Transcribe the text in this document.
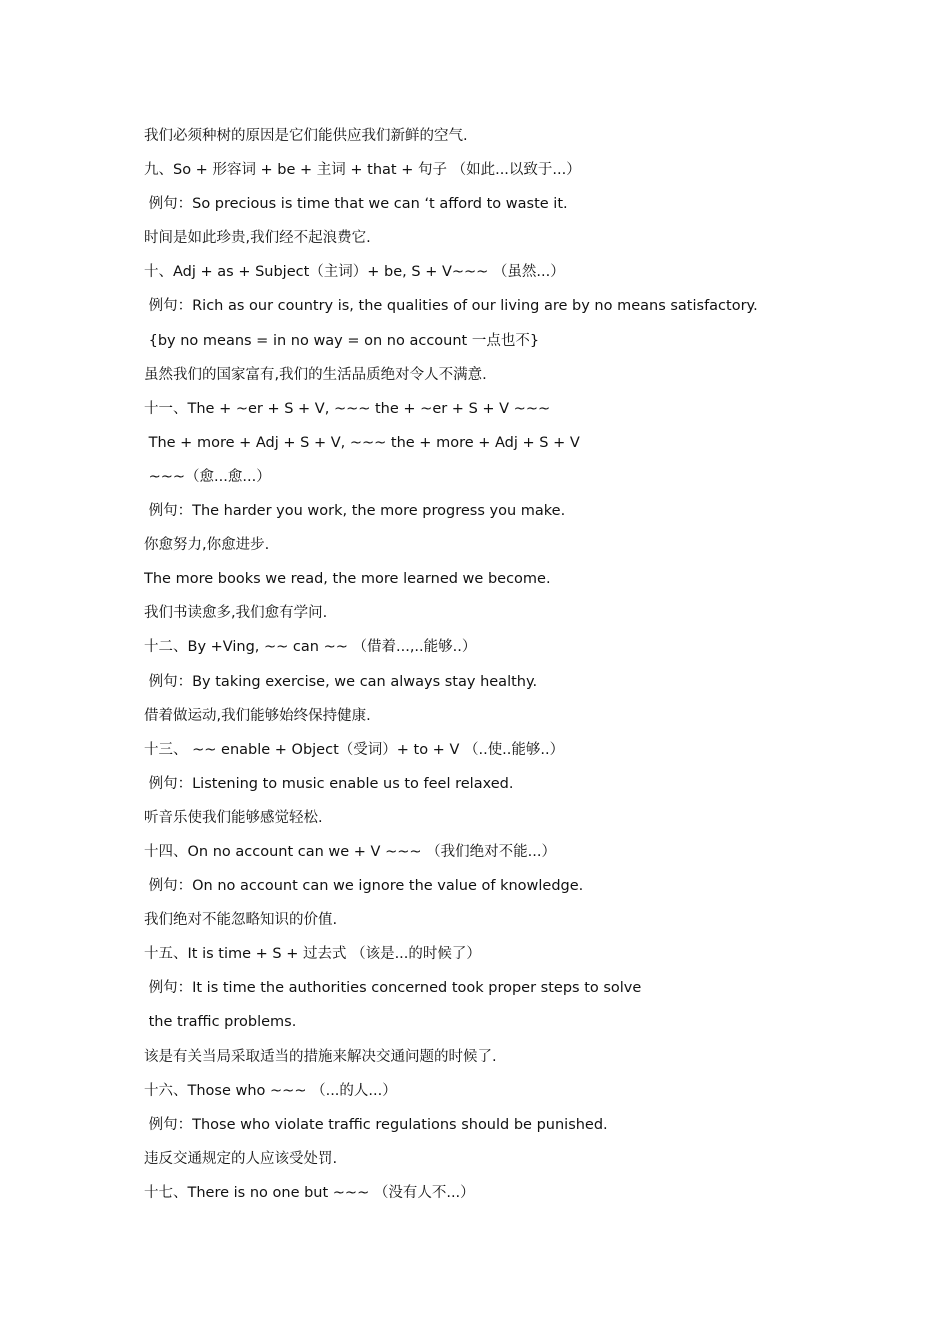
我们必须种树的原因是它们能供应我们新鲜的空气.
九、So + 形容词 + be + 主词 + that + 句子 （如此...以致于...）
例句：So precious is time that we can ‘t afford to waste it.
时间是如此珍贵,我们经不起浪费它.
十、Adj + as + Subject（主词）+ be, S + V~~~ （虽然...）
例句：Rich as our country is, the qualities of our living are by no means satisfactory.
{by no means = in no way = on no account 一点也不}
虽然我们的国家富有,我们的生活品质绝对令人不满意.
十一、The + ~er + S + V, ~~~ the + ~er + S + V ~~~
The + more + Adj + S + V, ~~~ the + more + Adj + S + V
~~~（愈...愈...）
例句：The harder you work, the more progress you make.
你愈努力,你愈进步.
The more books we read, the more learned we become.
我们书读愈多,我们愈有学问.
十二、By +Ving, ~~ can ~~ （借着...,..能够..）
例句：By taking exercise, we can always stay healthy.
借着做运动,我们能够始终保持健康.
十三、 ~~ enable + Object（受词）+ to + V （..使..能够..）
例句：Listening to music enable us to feel relaxed.
听音乐使我们能够感觉轻松.
十四、On no account can we + V ~~~ （我们绝对不能...）
例句：On no account can we ignore the value of knowledge.
我们绝对不能忽略知识的价值.
十五、It is time + S + 过去式 （该是...的时候了）
例句：It is time the authorities concerned took proper steps to solve
the traffic problems.
该是有关当局采取适当的措施来解决交通问题的时候了.
十六、Those who ~~~ （...的人...）
例句：Those who violate traffic regulations should be punished.
违反交通规定的人应该受处罚.
十七、There is no one but ~~~ （没有人不...）
